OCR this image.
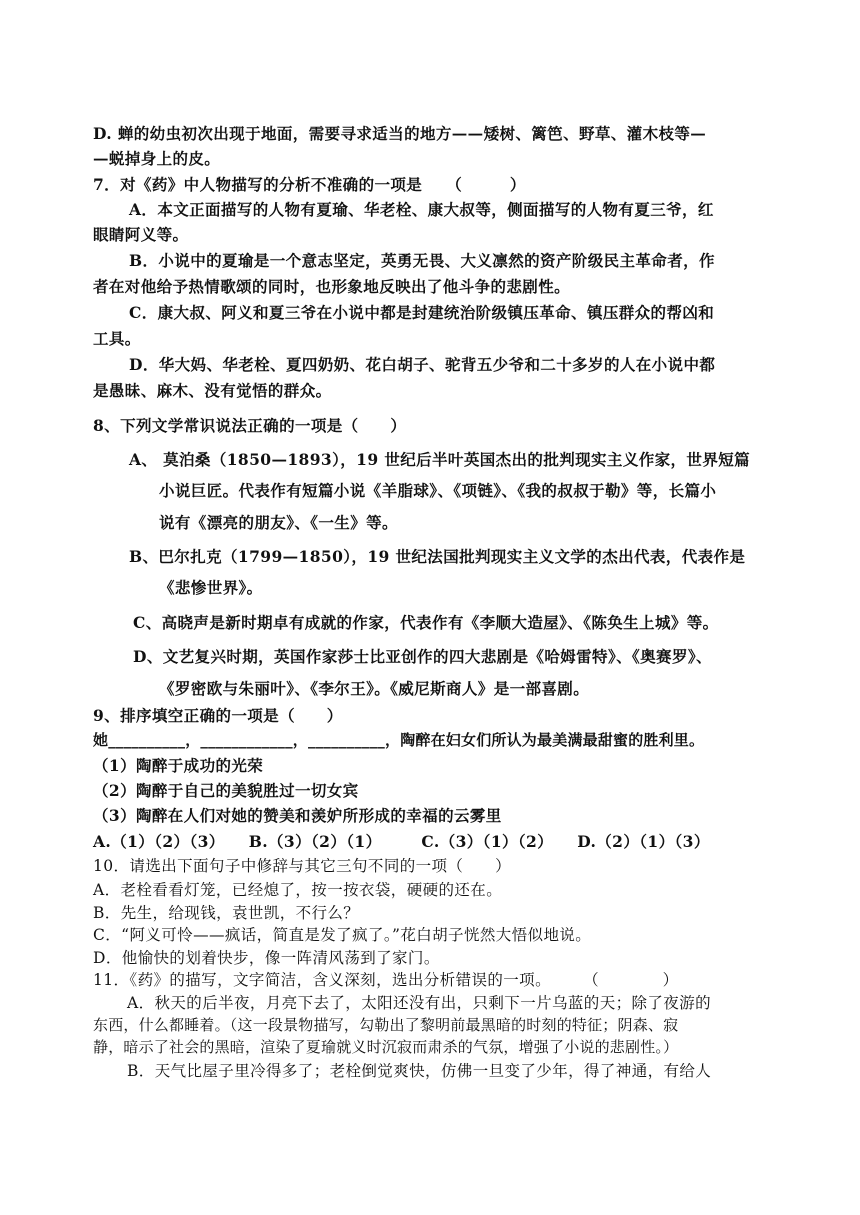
D. 蝉的幼虫初次出现于地面，需要寻求适当的地方——矮树、篱笆、野草、灌木枝等—
—蜕掉身上的皮。
7．对《药》中人物描写的分析不准确的一项是　　（　　　）
A．本文正面描写的人物有夏瑜、华老栓、康大叔等，侧面描写的人物有夏三爷，红
眼睛阿义等。
B．小说中的夏瑜是一个意志坚定，英勇无畏、大义凛然的资产阶级民主革命者，作
者在对他给予热情歌颂的同时，也形象地反映出了他斗争的悲剧性。
C．康大叔、阿义和夏三爷在小说中都是封建统治阶级镇压革命、镇压群众的帮凶和
工具。
D．华大妈、华老栓、夏四奶奶、花白胡子、驼背五少爷和二十多岁的人在小说中都
是愚昧、麻木、没有觉悟的群众。
8、下列文学常识说法正确的一项是（　　）
A、 莫泊桑（1850—1893），19 世纪后半叶英国杰出的批判现实主义作家，世界短篇
小说巨匠。代表作有短篇小说《羊脂球》、《项链》、《我的叔叔于勒》等，长篇小
说有《漂亮的朋友》、《一生》等。
B、巴尔扎克（1799—1850），19 世纪法国批判现实主义文学的杰出代表，代表作是
《悲惨世界》。
C、高晓声是新时期卓有成就的作家，代表作有《李顺大造屋》、《陈奂生上城》等。
D、文艺复兴时期，英国作家莎士比亚创作的四大悲剧是《哈姆雷特》、《奥赛罗》、
《罗密欧与朱丽叶》、《李尔王》。《威尼斯商人》是一部喜剧。
9、排序填空正确的一项是（　　）
她__________，____________，__________，陶醉在妇女们所认为最美满最甜蜜的胜利里。
（1）陶醉于成功的光荣
（2）陶醉于自己的美貌胜过一切女宾
（3）陶醉在人们对她的赞美和羡妒所形成的幸福的云雾里
A.（1）（2）（3）　　B.（3）（2）（1）　　　C.（3）（1）（2）　　D.（2）（1）（3）
10．请选出下面句子中修辞与其它三句不同的一项（　　）
A．老栓看看灯笼，已经熄了，按一按衣袋，硬硬的还在。
B．先生，给现钱，袁世凯，不行么？
C．“阿义可怜——疯话，简直是发了疯了。”花白胡子恍然大悟似地说。
D．他愉快的划着快步，像一阵清风荡到了家门。
11．《药》的描写，文字简洁，含义深刻，选出分析错误的一项。　　　（　　　　）
A．秋天的后半夜，月亮下去了，太阳还没有出，只剩下一片乌蓝的天；除了夜游的
东西，什么都睡着。（这一段景物描写，勾勒出了黎明前最黑暗的时刻的特征；阴森、寂
静，暗示了社会的黑暗，渲染了夏瑜就义时沉寂而肃杀的气氛，增强了小说的悲剧性。）
B．天气比屋子里冷得多了；老栓倒觉爽快，仿佛一旦变了少年，得了神通，有给人
